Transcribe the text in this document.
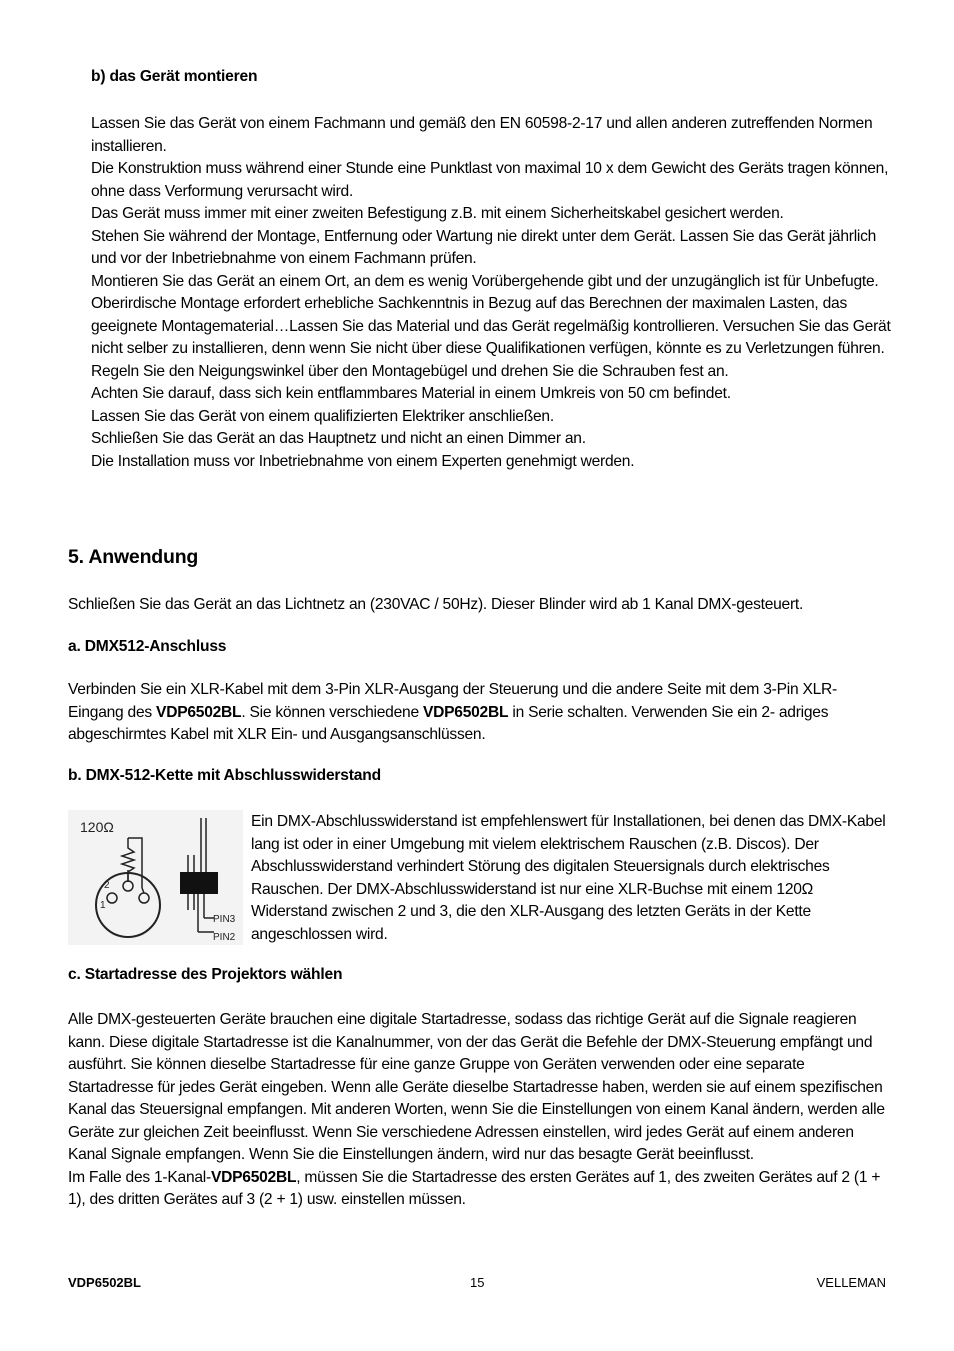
b) das Gerät montieren

Lassen Sie das Gerät von einem Fachmann und gemäß den EN 60598-2-17 und allen anderen zutreffenden Normen installieren.

Die Konstruktion muss während einer Stunde eine Punktlast von maximal 10 x dem Gewicht des Geräts tragen können, ohne dass Verformung verursacht wird.

Das Gerät muss immer mit einer zweiten Befestigung z.B. mit einem Sicherheitskabel gesichert werden.

Stehen Sie während der Montage, Entfernung oder Wartung nie direkt unter dem Gerät. Lassen Sie das Gerät jährlich und vor der Inbetriebnahme von einem Fachmann prüfen.

Montieren Sie das Gerät an einem Ort, an dem es wenig Vorübergehende gibt und der unzugänglich ist für Unbefugte.

Oberirdische Montage erfordert erhebliche Sachkenntnis in Bezug auf das Berechnen der maximalen Lasten, das geeignete Montagematerial…Lassen Sie das Material und das Gerät regelmäßig kontrollieren. Versuchen Sie das Gerät nicht selber zu installieren, denn wenn Sie nicht über diese Qualifikationen verfügen, könnte es zu Verletzungen führen.

Regeln Sie den Neigungswinkel über den Montagebügel und drehen Sie die Schrauben fest an.

Achten Sie darauf, dass sich kein entflammbares Material in einem Umkreis von 50 cm befindet.

Lassen Sie das Gerät von einem qualifizierten Elektriker anschließen.

Schließen Sie das Gerät an das Hauptnetz und nicht an einen Dimmer an.

Die Installation muss vor Inbetriebnahme von einem Experten genehmigt werden.

5. Anwendung
Schließen Sie das Gerät an das Lichtnetz an (230VAC / 50Hz). Dieser Blinder wird ab 1 Kanal DMX-gesteuert.
a. DMX512-Anschluss
Verbinden Sie ein XLR-Kabel mit dem 3-Pin XLR-Ausgang der Steuerung und die andere Seite mit dem 3-Pin XLR-Eingang des VDP6502BL. Sie können verschiedene VDP6502BL in Serie schalten. Verwenden Sie ein 2- adriges abgeschirmtes Kabel mit XLR Ein- und Ausgangsanschlüssen.
b. DMX-512-Kette mit Abschlusswiderstand
120Ω
2
1
PIN3
PIN2
Ein DMX-Abschlusswiderstand ist empfehlenswert für Installationen, bei denen das DMX-Kabel lang ist oder in einer Umgebung mit vielem elektrischem Rauschen (z.B. Discos). Der Abschlusswiderstand verhindert Störung des digitalen Steuersignals durch elektrisches Rauschen. Der DMX-Abschlusswiderstand ist nur eine XLR-Buchse mit einem 120Ω Widerstand zwischen 2 und 3, die den XLR-Ausgang des letzten Geräts in der Kette angeschlossen wird.
c. Startadresse des Projektors wählen

Alle DMX-gesteuerten Geräte brauchen eine digitale Startadresse, sodass das richtige Gerät auf die Signale reagieren kann. Diese digitale Startadresse ist die Kanalnummer, von der das Gerät die Befehle der DMX-Steuerung empfängt und ausführt. Sie können dieselbe Startadresse für eine ganze Gruppe von Geräten verwenden oder eine separate Startadresse für jedes Gerät eingeben. Wenn alle Geräte dieselbe Startadresse haben, werden sie auf einem spezifischen Kanal das Steuersignal empfangen. Mit anderen Worten, wenn Sie die Einstellungen von einem Kanal ändern, werden alle Geräte zur gleichen Zeit beeinflusst. Wenn Sie verschiedene Adressen einstellen, wird jedes Gerät auf einem anderen Kanal Signale empfangen. Wenn Sie die Einstellungen ändern, wird nur das besagte Gerät beeinflusst.

Im Falle des 1-Kanal-VDP6502BL, müssen Sie die Startadresse des ersten Gerätes auf 1, des zweiten Gerätes auf 2 (1 + 1), des dritten Gerätes auf 3 (2 + 1) usw. einstellen müssen.

VDP6502BL	15	VELLEMAN
